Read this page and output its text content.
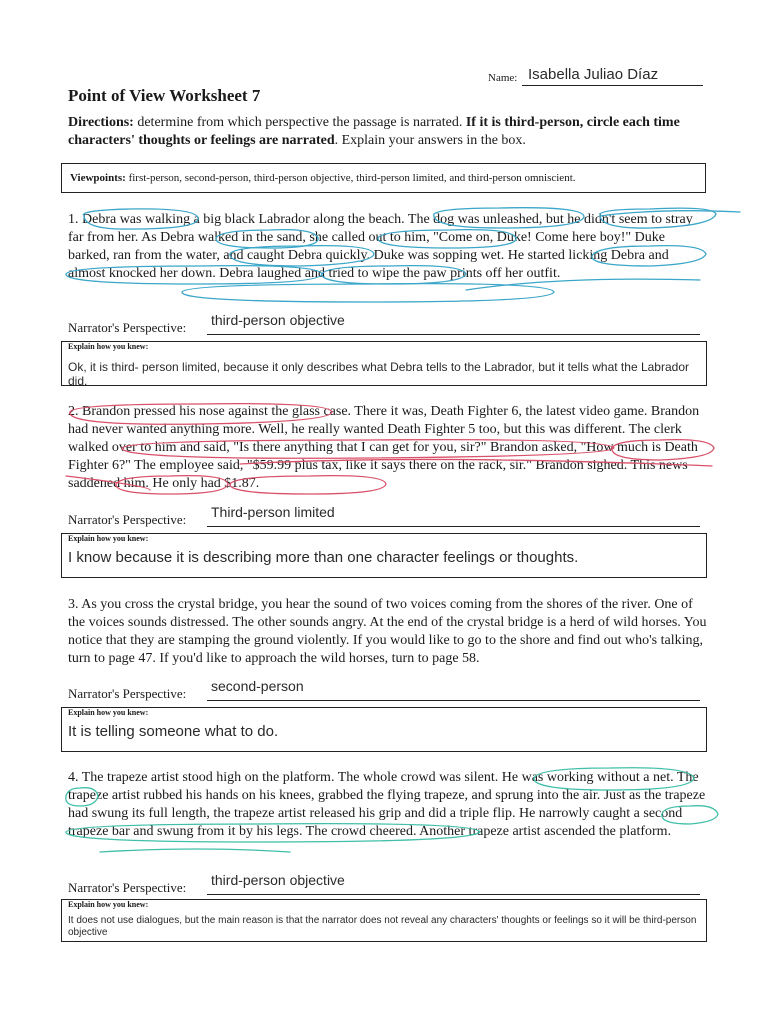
Name: Isabella Juliao Díaz
Point of View Worksheet 7
Directions: determine from which perspective the passage is narrated. If it is third-person, circle each time characters' thoughts or feelings are narrated. Explain your answers in the box.
Viewpoints: first-person, second-person, third-person objective, third-person limited, and third-person omniscient.
1. Debra was walking a big black Labrador along the beach. The dog was unleashed, but he didn't seem to stray far from her. As Debra walked in the sand, she called out to him, "Come on, Duke! Come here boy!" Duke barked, ran from the water, and caught Debra quickly. Duke was sopping wet. He started licking Debra and almost knocked her down. Debra laughed and tried to wipe the paw prints off her outfit.
Narrator's Perspective: third-person objective
Explain how you knew:
Ok, it is third- person limited, because it only describes what Debra tells to the Labrador, but it tells what the Labrador did.
2. Brandon pressed his nose against the glass case. There it was, Death Fighter 6, the latest video game. Brandon had never wanted anything more. Well, he really wanted Death Fighter 5 too, but this was different. The clerk walked over to him and said, "Is there anything that I can get for you, sir?" Brandon asked, "How much is Death Fighter 6?" The employee said, "$59.99 plus tax, like it says there on the rack, sir." Brandon sighed. This news saddened him. He only had $1.87.
Narrator's Perspective: Third-person limited
Explain how you knew:
I know because it is describing more than one character feelings or thoughts.
3. As you cross the crystal bridge, you hear the sound of two voices coming from the shores of the river. One of the voices sounds distressed. The other sounds angry. At the end of the crystal bridge is a herd of wild horses. You notice that they are stamping the ground violently. If you would like to go to the shore and find out who's talking, turn to page 47. If you'd like to approach the wild horses, turn to page 58.
Narrator's Perspective: second-person
Explain how you knew:
It is telling someone what to do.
4. The trapeze artist stood high on the platform. The whole crowd was silent. He was working without a net. The trapeze artist rubbed his hands on his knees, grabbed the flying trapeze, and sprung into the air. Just as the trapeze had swung its full length, the trapeze artist released his grip and did a triple flip. He narrowly caught a second trapeze bar and swung from it by his legs. The crowd cheered. Another trapeze artist ascended the platform.
Narrator's Perspective: third-person objective
Explain how you knew:
It does not use dialogues, but the main reason is that the narrator does not reveal any characters' thoughts or feelings so it will be third-person objective
